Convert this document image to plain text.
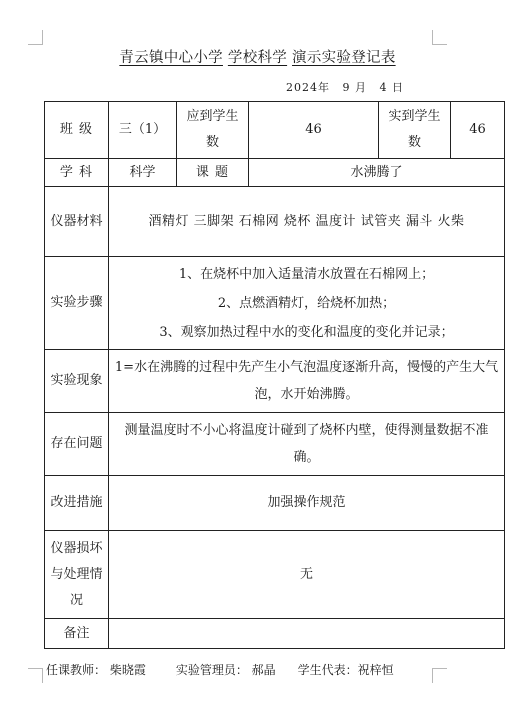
青云镇中心小学 学校科学 演示实验登记表
2024年 9 月 4 日
班 级	三（1）	应到学生数	46	实到学生数	46
学 科	科学	课 题	水沸腾了		
仪器材料	酒精灯 三脚架 石棉网 烧杯 温度计 试管夹 漏斗 火柴				
实验步骤	1、在烧杯中加入适量清水放置在石棉网上；
2、点燃酒精灯，给烧杯加热；
3、观察加热过程中水的变化和温度的变化并记录；				

实验现象	1=水在沸腾的过程中先产生小气泡温度逐渐升高，慢慢的产生大气泡，水开始沸腾。				
存在问题	测量温度时不小心将温度计碰到了烧杯内壁，使得测量数据不准确。				
改进措施	加强操作规范				
仪器损坏与处理情况	无				
备注					
任课教师： 柴晓霞	实验管理员： 郝晶 学生代表：祝梓恒
